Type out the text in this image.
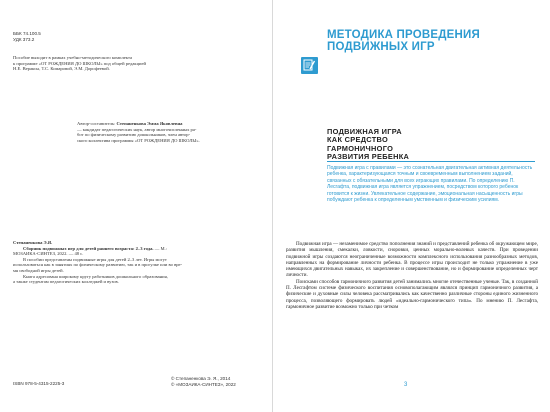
ББК 74.100.5

УДК 373.2

Пособие выходит в рамках учебно-методического комплекта

к программе «ОТ РОЖДЕНИЯ ДО ШКОЛЫ» под общей редакцией

Н.Е. Вераксы, Т.С. Комаровой, Э.М. Дорофеевой.

Автор-составитель: Степаненкова Эмма Яковлевна

— кандидат педагогических наук, автор многочисленных ра-

бот по физическому развитию дошкольников, член автор-

ского коллектива программы «ОТ РОЖДЕНИЯ ДО ШКОЛЫ».

Степаненкова Э.Я.

Сборник подвижных игр для детей раннего возраста: 2–3 года. — М.:

МОЗАИКА-СИНТЕЗ, 2022. — 48 с.

В пособии представлены подвижные игры для детей 2–3 лет. Игры могут

использоваться как в занятиях по физическому развитию, так и в прогулке или во вре-

мя свободной игры детей.

Книга адресована широкому кругу работников дошкольного образования,

а также студентам педагогических колледжей и вузов.

ISBN 978-5-4315-2225-3

© Степаненкова Э. Я., 2014

© «МОЗАИКА-СИНТЕЗ», 2022

МЕТОДИКА ПРОВЕДЕНИЯ
ПОДВИЖНЫХ ИГР
ПОДВИЖНАЯ ИГРА
КАК СРЕДСТВО
ГАРМОНИЧНОГО
РАЗВИТИЯ РЕБЕНКА

Подвижная игра с правилами — это сознательная двигательная активная деятельность ребенка, характеризующаяся точным и своевременным выполнением заданий, связанных с обязательными для всех играющих правилами. По определению П. Лесгафта, подвижная игра является упражнением, посредством которого ребенок готовится к жизни. Увлекательное содержание, эмоциональная насыщенность игры побуждают ребенка к определенным умственным и физическим усилиям.

Подвижная игра — незаменимое средство пополнения знаний и представлений ребенка об окружающем мире, развития мышления, смекалки, ловкости, сноровки, ценных морально-волевых качеств. При проведении подвижной игры создаются неограниченные возможности комплексного использования разнообразных методов, направленных на формирование личности ребенка. В процессе игры происходит не только упражнение в уже имеющихся двигательных навыках, их закрепление и совершенствование, но и формирование определенных черт личности.

Поисками способов гармоничного развития детей занимались многие отечественные ученые. Так, в созданной П. Лесгафтом системе физического воспитания основополагающим являлся принцип гармоничного развития, а физические и духовные силы человека рассматривались как качественно различные стороны единого жизненного процесса, позволяющего формировать людей «идеально-гармонического типа». По мнению П. Лесгафта, гармоничное развитие возможно только при четком

3
